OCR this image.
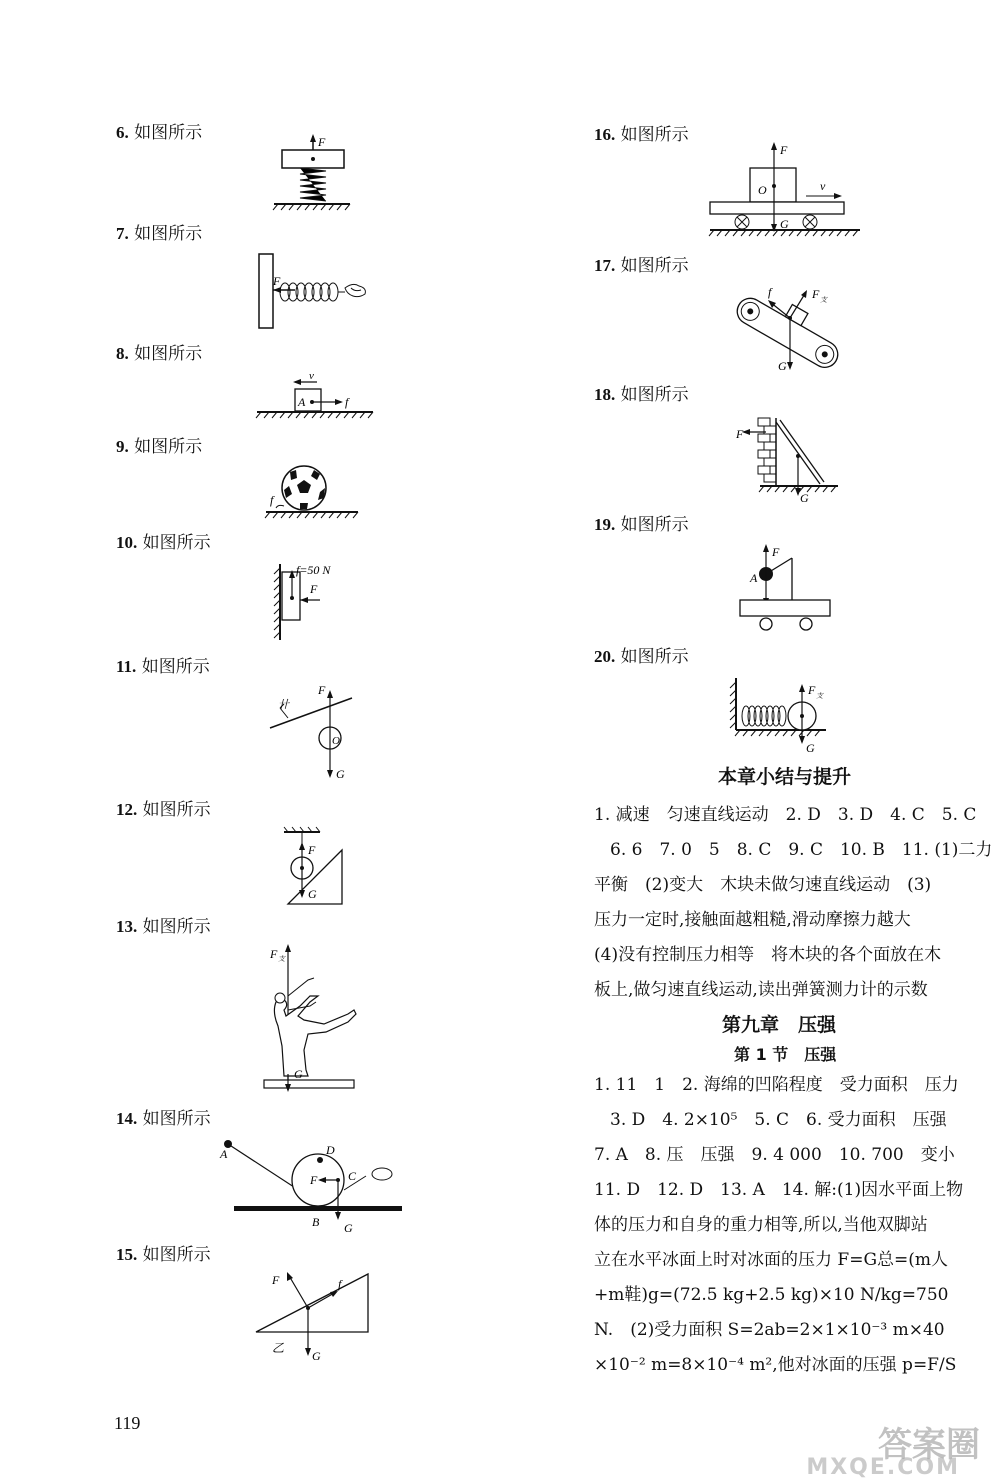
6. 如图所示
7. 如图所示
8. 如图所示
9. 如图所示
10. 如图所示
11. 如图所示
12. 如图所示
13. 如图所示
14. 如图所示
15. 如图所示
16. 如图所示
17. 如图所示
18. 如图所示
19. 如图所示
20. 如图所示
F
F
v
A	f
f
f=50 N
F
卄
O
F
G
F
G
F 支
G
A	D
F	C
G
B
F	f
G
乙
O
F
v
G
f	F 支
G
F
G
A
F
F 支
G
本章小结与提升

1. 减速　匀速直线运动　2. D　3. D　4. C　5. C

6. 6　7. 0　5　8. C　9. C　10. B　11. (1)二力

平衡　(2)变大　木块未做匀速直线运动　(3)

压力一定时,接触面越粗糙,滑动摩擦力越大

(4)没有控制压力相等　将木块的各个面放在木

板上,做匀速直线运动,读出弹簧测力计的示数

第九章　压强
第 1 节　压强

1. 11　1　2. 海绵的凹陷程度　受力面积　压力

3. D　4. 2×10⁵　5. C　6. 受力面积　压强

7. A　8. 压　压强　9. 4 000　10. 700　变小

11. D　12. D　13. A　14. 解:(1)因水平面上物

体的压力和自身的重力相等,所以,当他双脚站

立在水平冰面上时对冰面的压力 F=G总=(m人

+m鞋)g=(72.5 kg+2.5 kg)×10 N/kg=750

N.　(2)受力面积 S=2ab=2×1×10⁻³ m×40

×10⁻² m=8×10⁻⁴ m²,他对冰面的压强 p=F/S

119
答案圈
MXQE.COM
